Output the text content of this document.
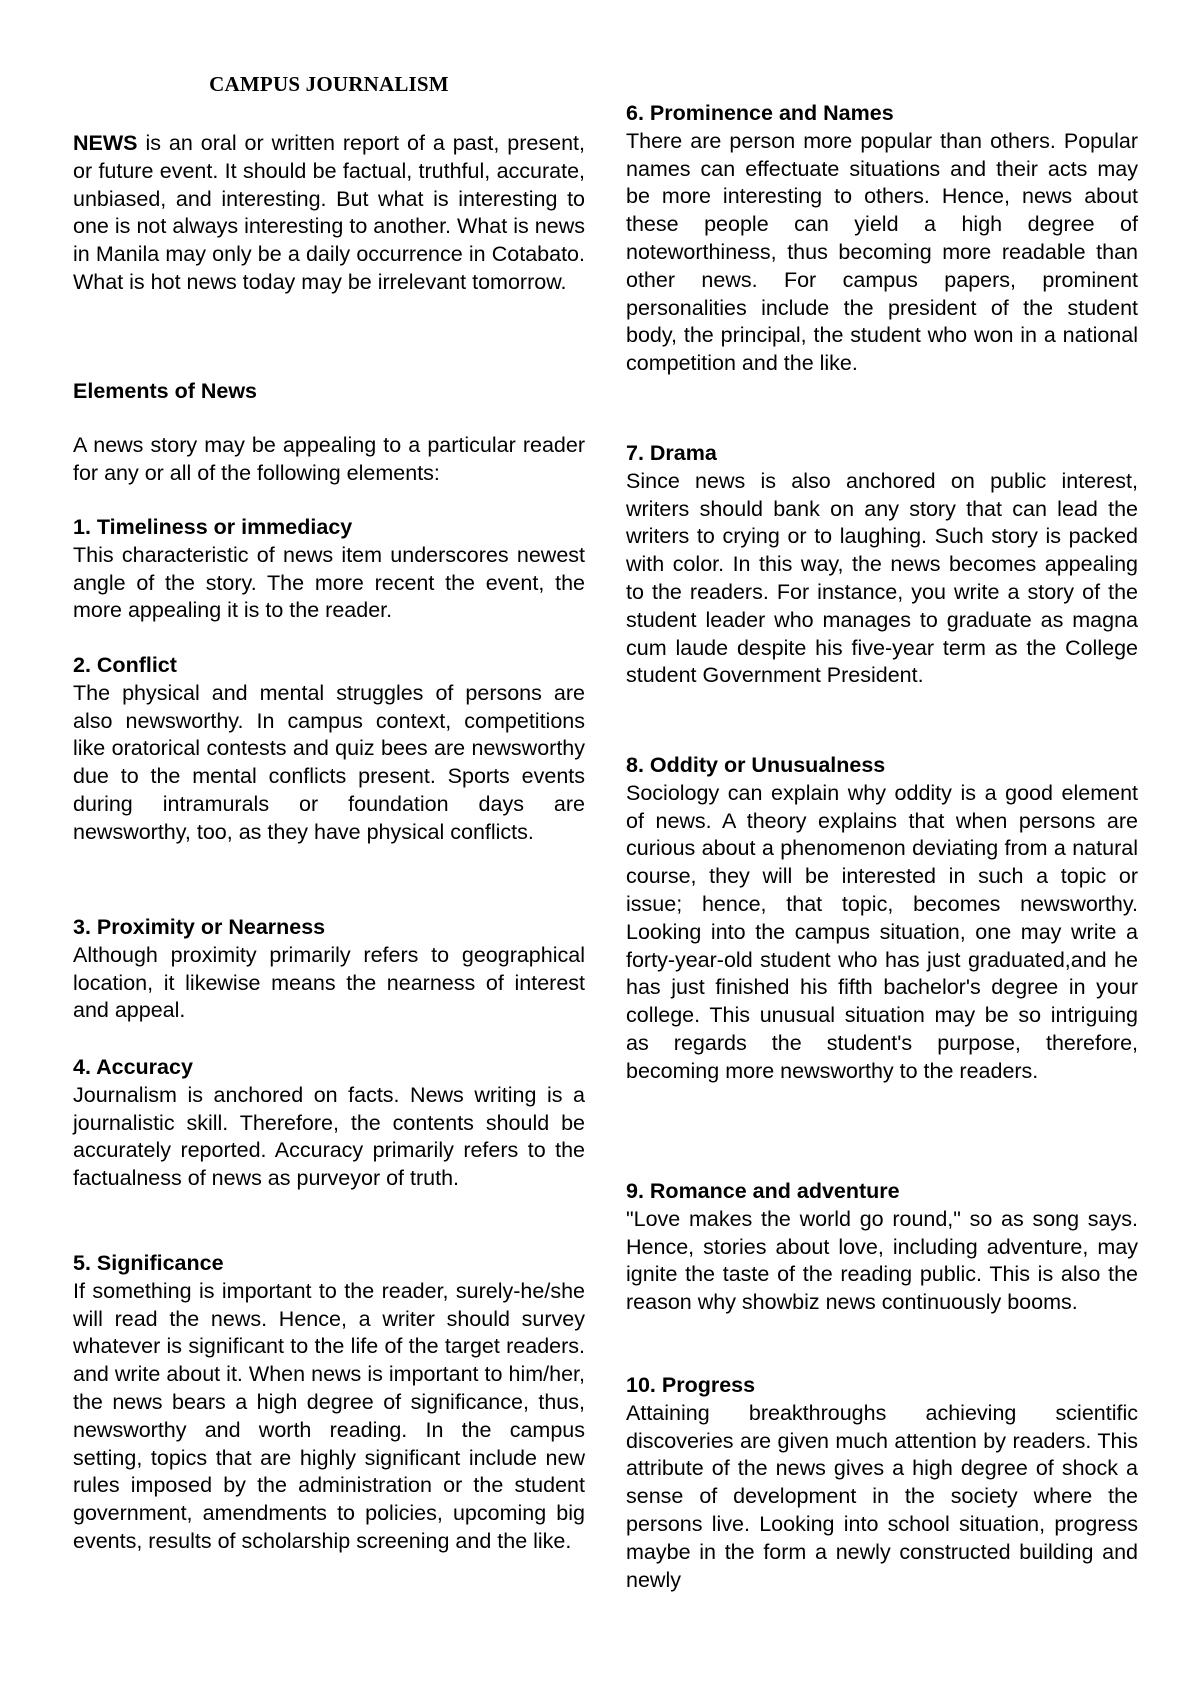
CAMPUS JOURNALISM

NEWS is an oral or written report of a past, present, or future event. It should be factual, truthful, accurate, unbiased, and interesting. But what is interesting to one is not always interesting to another. What is news in Manila may only be a daily occurrence in Cotabato. What is hot news today may be irrelevant tomorrow.

Elements of News

A news story may be appealing to a particular reader for any or all of the following elements:

1. Timeliness or immediacy

This characteristic of news item underscores newest angle of the story. The more recent the event, the more appealing it is to the reader.

2. Conflict

The physical and mental struggles of persons are also newsworthy. In campus context, competitions like oratorical contests and quiz bees are newsworthy due to the mental conflicts present. Sports events during intramurals or foundation days are newsworthy, too, as they have physical conflicts.

3. Proximity or Nearness

Although proximity primarily refers to geographical location, it likewise means the nearness of interest and appeal.

4. Accuracy

Journalism is anchored on facts. News writing is a journalistic skill. Therefore, the contents should be accurately reported. Accuracy primarily refers to the factualness of news as purveyor of truth.

5. Significance

If something is important to the reader, surely-he/she will read the news. Hence, a writer should survey whatever is significant to the life of the target readers. and write about it. When news is important to him/her, the news bears a high degree of significance, thus, newsworthy and worth reading. In the campus setting, topics that are highly significant include new rules imposed by the administration or the student government, amendments to policies, upcoming big events, results of scholarship screening and the like.

6. Prominence and Names

There are person more popular than others. Popular names can effectuate situations and their acts may be more interesting to others. Hence, news about these people can yield a high degree of noteworthiness, thus becoming more readable than other news. For campus papers, prominent personalities include the president of the student body, the principal, the student who won in a national competition and the like.

7. Drama

Since news is also anchored on public interest, writers should bank on any story that can lead the writers to crying or to laughing. Such story is packed with color. In this way, the news becomes appealing to the readers. For instance, you write a story of the student leader who manages to graduate as magna cum laude despite his five-year term as the College student Government President.

8. Oddity or Unusualness

Sociology can explain why oddity is a good element of news. A theory explains that when persons are curious about a phenomenon deviating from a natural course, they will be interested in such a topic or issue; hence, that topic, becomes newsworthy. Looking into the campus situation, one may write a forty-year-old student who has just graduated,and he has just finished his fifth bachelor's degree in your college. This unusual situation may be so intriguing as regards the student's purpose, therefore, becoming more newsworthy to the readers.

9. Romance and adventure

"Love makes the world go round," so as song says. Hence, stories about love, including adventure, may ignite the taste of the reading public. This is also the reason why showbiz news continuously booms.

10. Progress

Attaining breakthroughs achieving scientific discoveries are given much attention by readers. This attribute of the news gives a high degree of shock a sense of development in the society where the persons live. Looking into school situation, progress maybe in the form a newly constructed building and newly
